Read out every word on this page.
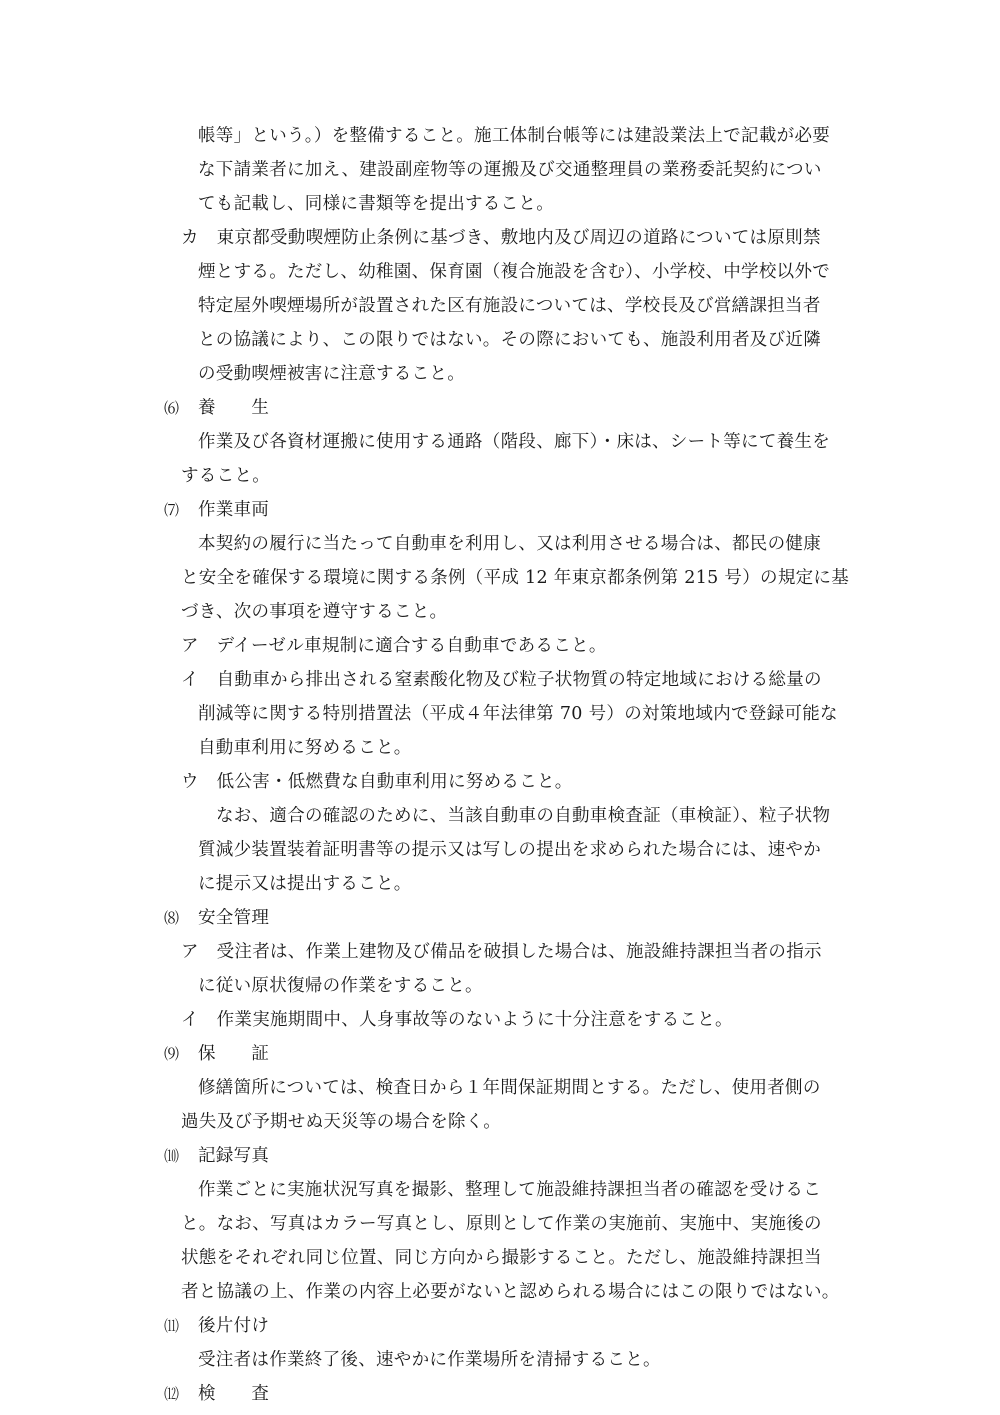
帳等」という。）を整備すること。施工体制台帳等には建設業法上で記載が必要
な下請業者に加え、建設副産物等の運搬及び交通整理員の業務委託契約につい
ても記載し、同様に書類等を提出すること。
カ　東京都受動喫煙防止条例に基づき、敷地内及び周辺の道路については原則禁
煙とする。ただし、幼稚園、保育園（複合施設を含む）、小学校、中学校以外で
特定屋外喫煙場所が設置された区有施設については、学校長及び営繕課担当者
との協議により、この限りではない。その際においても、施設利用者及び近隣
の受動喫煙被害に注意すること。
⑹ 養　　生
作業及び各資材運搬に使用する通路（階段、廊下）・床は、シート等にて養生を
すること。
⑺ 作業車両
本契約の履行に当たって自動車を利用し、又は利用させる場合は、都民の健康
と安全を確保する環境に関する条例（平成 12 年東京都条例第 215 号）の規定に基
づき、次の事項を遵守すること。
ア　デイーゼル車規制に適合する自動車であること。
イ　自動車から排出される窒素酸化物及び粒子状物質の特定地域における総量の
削減等に関する特別措置法（平成４年法律第 70 号）の対策地域内で登録可能な
自動車利用に努めること。
ウ　低公害・低燃費な自動車利用に努めること。
なお、適合の確認のために、当該自動車の自動車検査証（車検証）、粒子状物
質減少装置装着証明書等の提示又は写しの提出を求められた場合には、速やか
に提示又は提出すること。
⑻ 安全管理
ア　受注者は、作業上建物及び備品を破損した場合は、施設維持課担当者の指示
に従い原状復帰の作業をすること。
イ　作業実施期間中、人身事故等のないように十分注意をすること。
⑼ 保　　証
修繕箇所については、検査日から１年間保証期間とする。ただし、使用者側の
過失及び予期せぬ天災等の場合を除く。
⑽ 記録写真
作業ごとに実施状況写真を撮影、整理して施設維持課担当者の確認を受けるこ
と。なお、写真はカラー写真とし、原則として作業の実施前、実施中、実施後の
状態をそれぞれ同じ位置、同じ方向から撮影すること。ただし、施設維持課担当
者と協議の上、作業の内容上必要がないと認められる場合にはこの限りではない。
⑾ 後片付け
受注者は作業終了後、速やかに作業場所を清掃すること。
⑿ 検　　査
